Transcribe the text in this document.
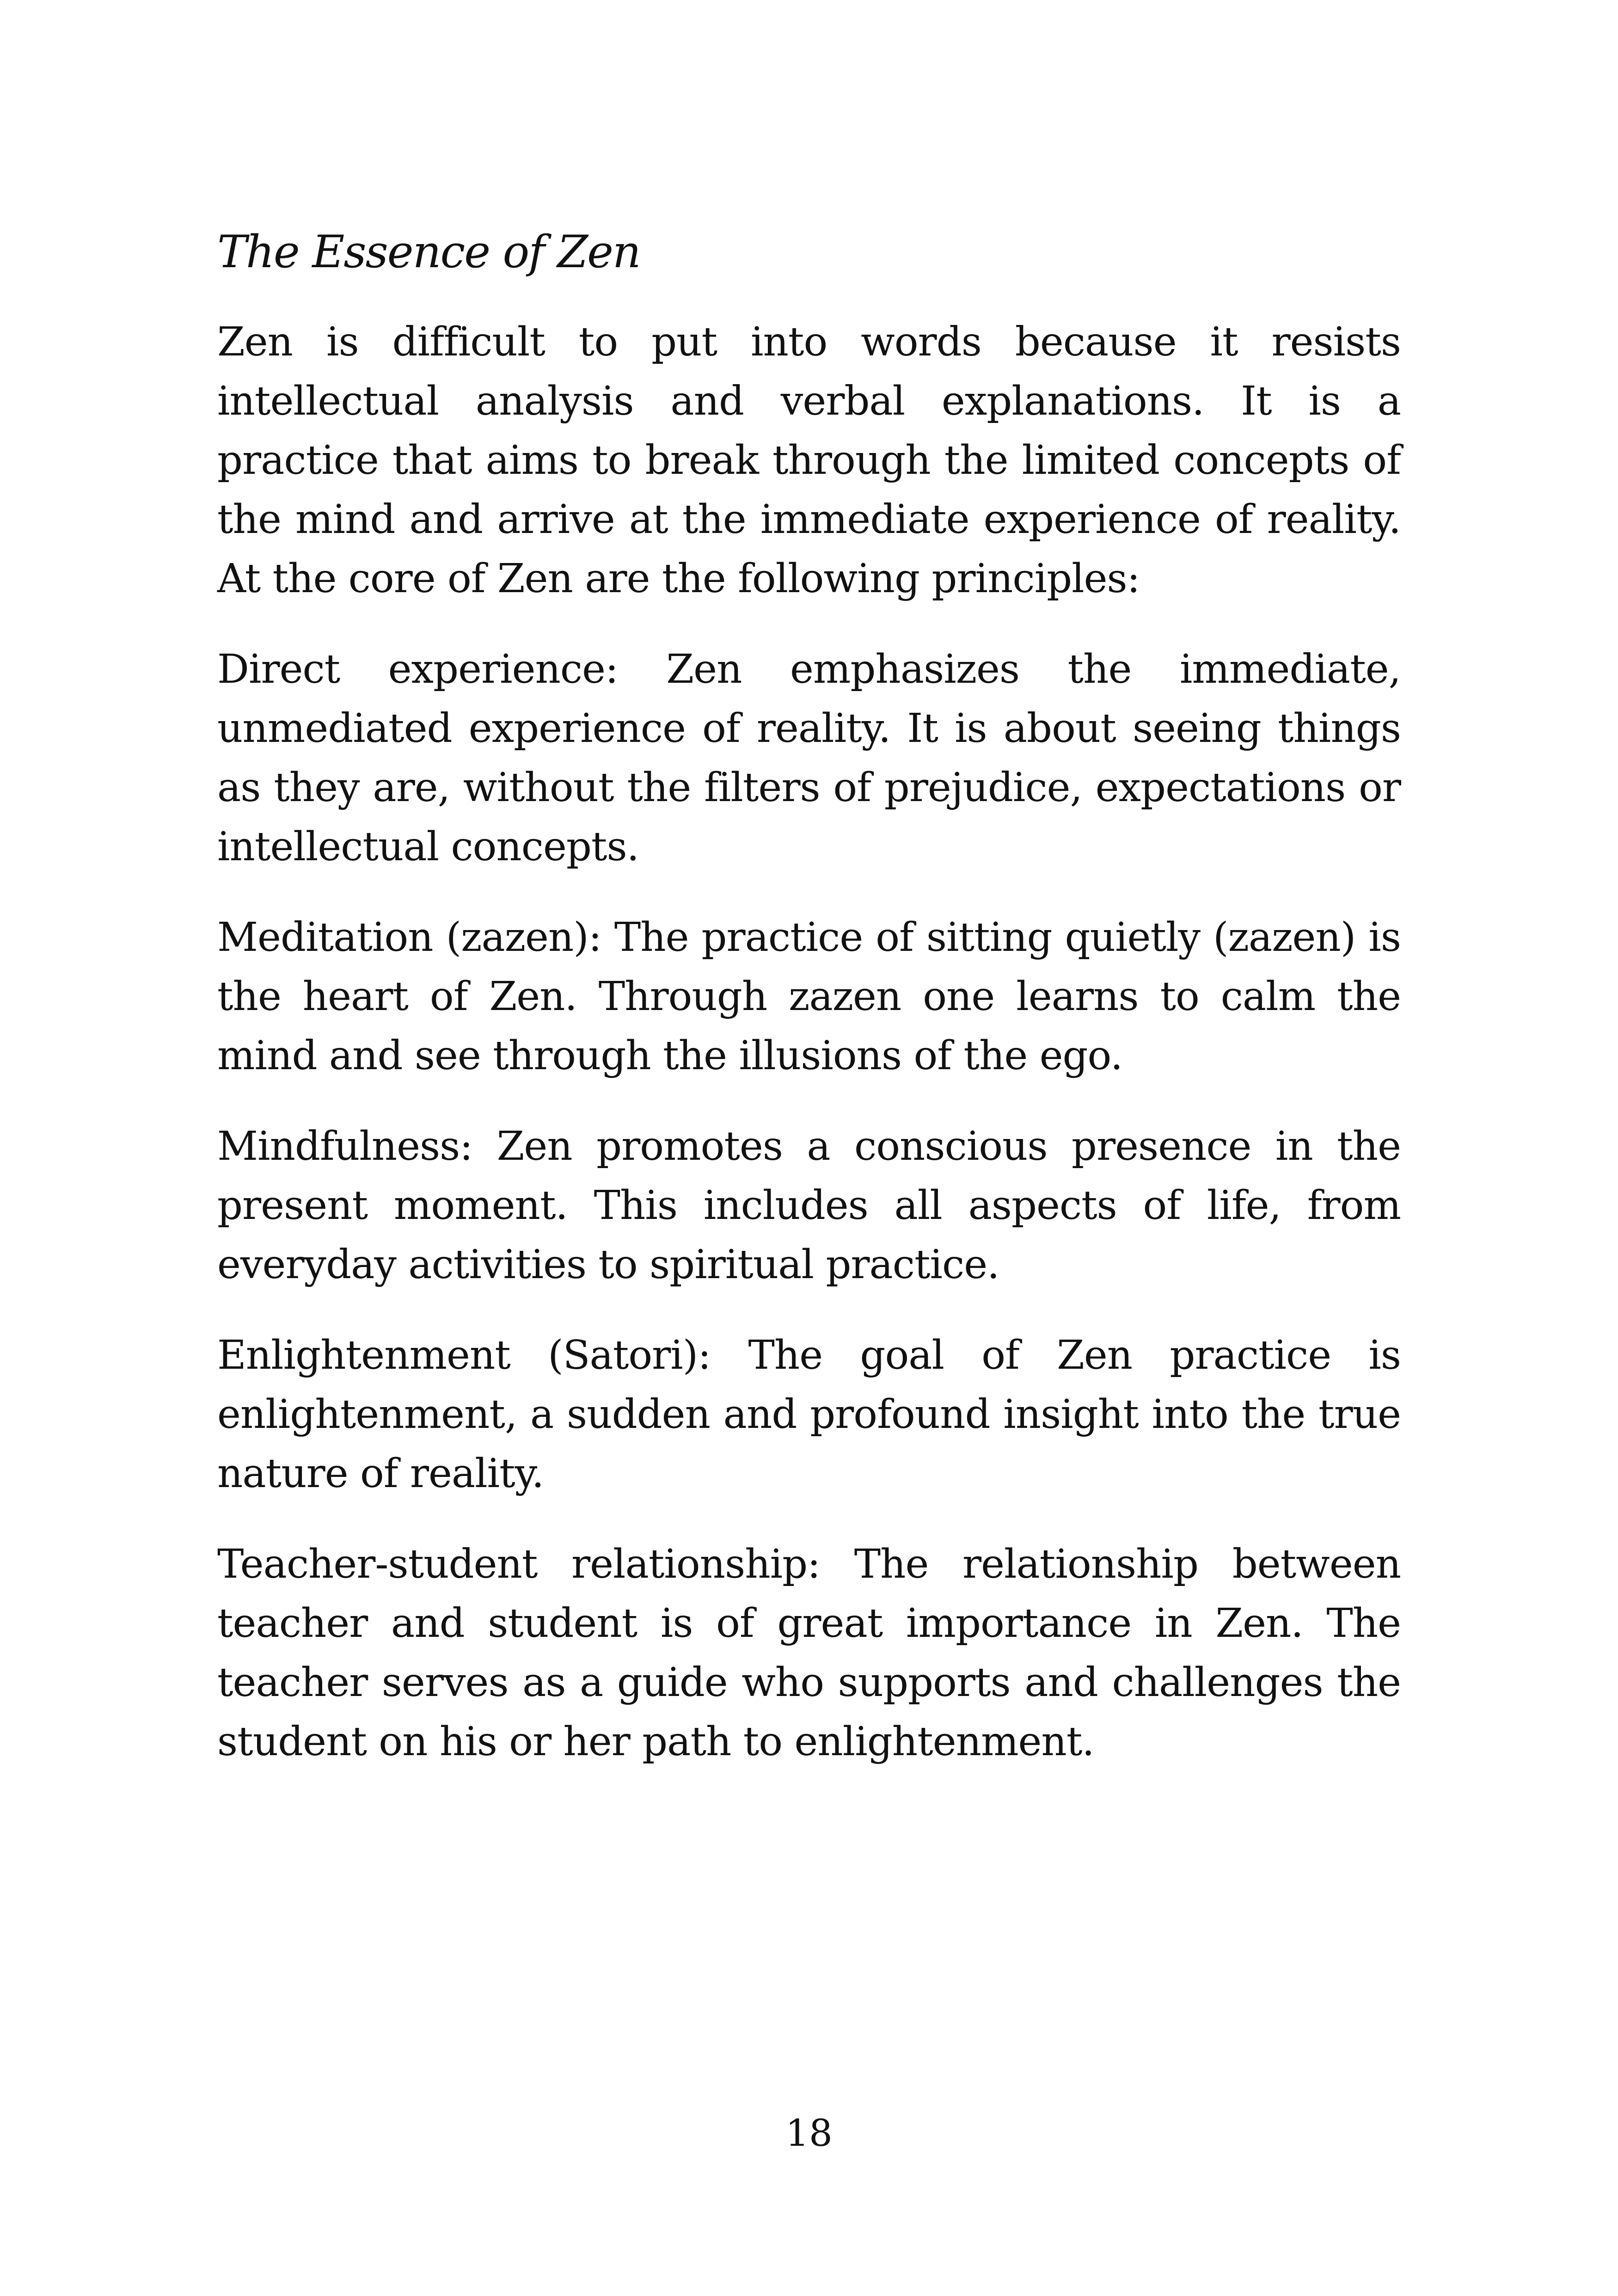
The Essence of Zen

Zen is difficult to put into words because it resists intellectual analysis and verbal explanations. It is a practice that aims to break through the limited concepts of the mind and arrive at the immediate experience of reality. At the core of Zen are the following principles:

Direct experience: Zen emphasizes the immediate, unmediated experience of reality. It is about seeing things as they are, without the filters of prejudice, expectations or intellectual concepts.

Meditation (zazen): The practice of sitting quietly (zazen) is the heart of Zen. Through zazen one learns to calm the mind and see through the illusions of the ego.

Mindfulness: Zen promotes a conscious presence in the present moment. This includes all aspects of life, from everyday activities to spiritual practice.

Enlightenment (Satori): The goal of Zen practice is enlightenment, a sudden and profound insight into the true nature of reality.

Teacher-student relationship: The relationship between teacher and student is of great importance in Zen. The teacher serves as a guide who supports and challenges the student on his or her path to enlightenment.

18
